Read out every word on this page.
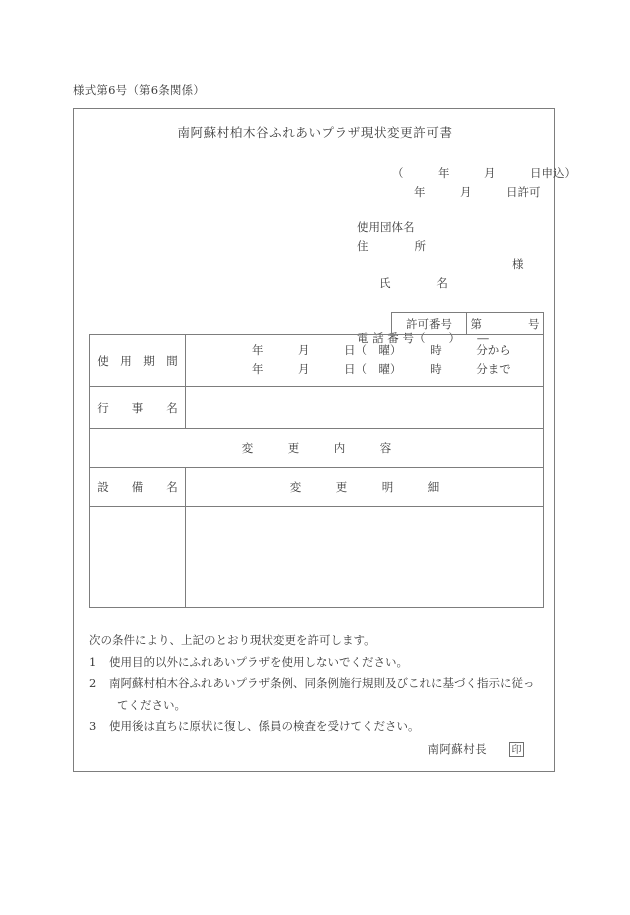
様式第6号（第6条関係）
南阿蘇村柏木谷ふれあいプラザ現状変更許可書
（　　　年　　　月　　　日申込）
年　　　月　　　日許可
使用団体名
住　　　　所

氏　　　　名

様

電 話 番 号（　　）　　―
許可番号	第　　　　号
使　用　期　間	年　　　月　　　日（　曜）　　　時　　　分から
年　　　月　　　日（　曜）　　　時　　　分まで

行　　事　　名	
変　　　更　　　内　　　容	
設　　備　　名	変　　　更　　　明　　　細

次の条件により、上記のとおり現状変更を許可します。
1 使用目的以外にふれあいプラザを使用しないでください。
2 南阿蘇村柏木谷ふれあいプラザ条例、同条例施行規則及びこれに基づく指示に従っ
てください。
3 使用後は直ちに原状に復し、係員の検査を受けてください。
南阿蘇村長 印
